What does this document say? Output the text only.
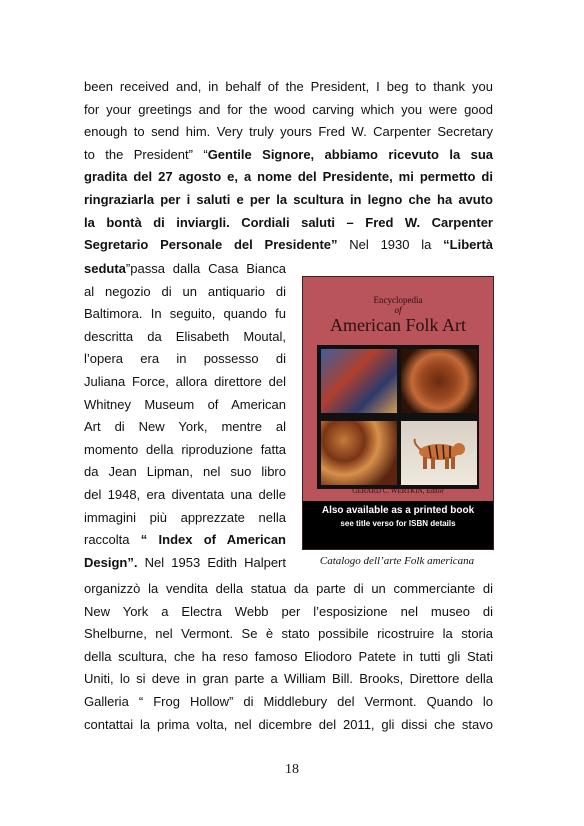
been received and, in behalf of the President, I beg to thank you
for your greetings and for the wood carving which you were good
enough to send him. Very truly yours Fred W. Carpenter Secretary
to the President” “Gentile Signore, abbiamo ricevuto la sua
gradita del 27 agosto e, a nome del Presidente, mi permetto di
ringraziarla per i saluti e per la scultura in legno che ha avuto
la bontà di inviargli. Cordiali saluti – Fred W. Carpenter
Segretario Personale del Presidente” Nel 1930 la “Libertà
seduta”passa dalla Casa Bianca
al negozio di un antiquario di
Baltimora. In seguito, quando fu
descritta da Elisabeth Moutal,
l’opera era in possesso di
Juliana Force, allora direttore del
Whitney Museum of American
Art di New York, mentre al
momento della riproduzione fatta
da Jean Lipman, nel suo libro
del 1948, era diventata una delle
immagini più apprezzate nella
raccolta “ Index of American
Design”. Nel 1953 Edith Halpert
Encyclopedia
of
American Folk Art
GERARD C. WERTKIN, Editor
Also available as a printed book
see title verso for ISBN details
Catalogo dell’arte Folk americana
organizzò la vendita della statua da parte di un commerciante di
New York a Electra Webb per l’esposizione nel museo di
Shelburne, nel Vermont. Se è stato possibile ricostruire la storia
della scultura, che ha reso famoso Eliodoro Patete in tutti gli Stati
Uniti, lo si deve in gran parte a William Bill. Brooks, Direttore della
Galleria “ Frog Hollow” di Middlebury del Vermont. Quando lo
contattai la prima volta, nel dicembre del 2011, gli dissi che stavo
18
